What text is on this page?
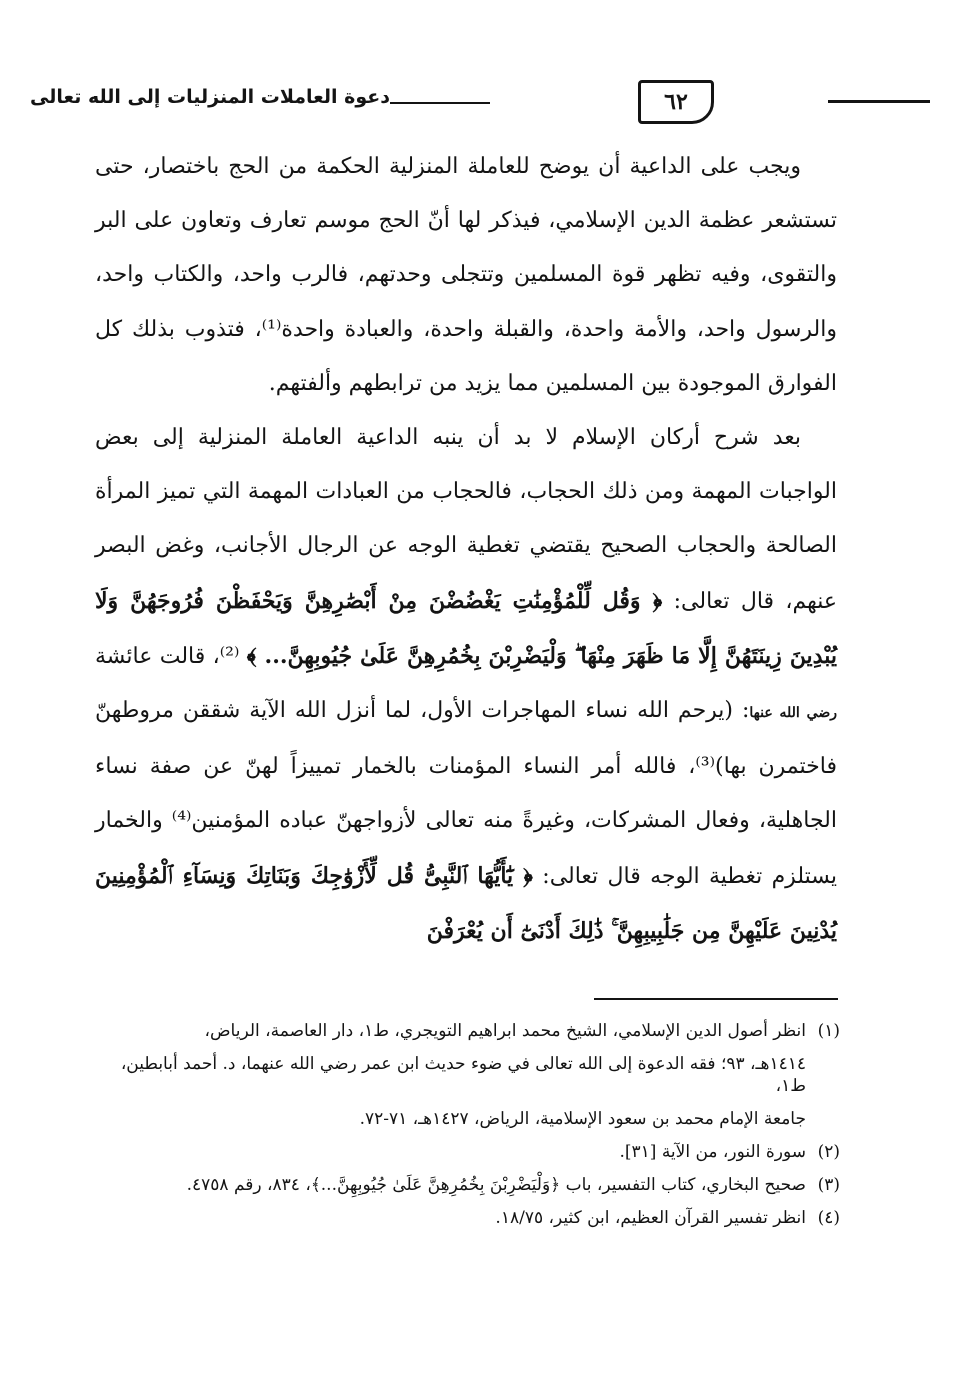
دعوة العاملات المنزليات إلى الله تعالى	٦٢

ويجب على الداعية أن يوضح للعاملة المنزلية الحكمة من الحج باختصار، حتى تستشعر عظمة الدين الإسلامي، فيذكر لها أنّ الحج موسم تعارف وتعاون على البر والتقوى، وفيه تظهر قوة المسلمين وتتجلى وحدتهم، فالرب واحد، والكتاب واحد، والرسول واحد، والأمة واحدة، والقبلة واحدة، والعبادة واحدة⁽¹⁾، فتذوب بذلك كل الفوارق الموجودة بين المسلمين مما يزيد من ترابطهم وألفتهم.

بعد شرح أركان الإسلام لا بد أن ينبه الداعية العاملة المنزلية إلى بعض الواجبات المهمة ومن ذلك الحجاب، فالحجاب من العبادات المهمة التي تميز المرأة الصالحة والحجاب الصحيح يقتضي تغطية الوجه عن الرجال الأجانب، وغض البصر عنهم، قال تعالى: ﴿ وَقُل لِّلْمُؤْمِنَٰتِ يَغْضُضْنَ مِنْ أَبْصَٰرِهِنَّ وَيَحْفَظْنَ فُرُوجَهُنَّ وَلَا يُبْدِينَ زِينَتَهُنَّ إِلَّا مَا ظَهَرَ مِنْهَا ۖ وَلْيَضْرِبْنَ بِخُمُرِهِنَّ عَلَىٰ جُيُوبِهِنَّ... ﴾ ⁽²⁾، قالت عائشة رضي الله عنها: (يرحم الله نساء المهاجرات الأول، لما أنزل الله الآية شققن مروطهنّ فاختمرن بها)⁽³⁾، فالله أمر النساء المؤمنات بالخمار تمييزاً لهنّ عن صفة نساء الجاهلية، وفعال المشركات، وغيرةً منه تعالى لأزواجهنّ عباده المؤمنين⁽⁴⁾ والخمار يستلزم تغطية الوجه قال تعالى: ﴿ يَٰٓأَيُّهَا ٱلنَّبِىُّ قُل لِّأَزْوَٰجِكَ وَبَنَاتِكَ وَنِسَآءِ ٱلْمُؤْمِنِينَ يُدْنِينَ عَلَيْهِنَّ مِن جَلَٰبِيبِهِنَّ ۚ ذَٰلِكَ أَدْنَىٰٓ أَن يُعْرَفْنَ

(١)انظر أصول الدين الإسلامي، الشيخ محمد ابراهيم التويجري، ط١، دار العاصمة، الرياض،

١٤١٤هـ، ٩٣؛ فقه الدعوة إلى الله تعالى في ضوء حديث ابن عمر رضي الله عنهما، د. أحمد أبابطين، ط١،

جامعة الإمام محمد بن سعود الإسلامية، الرياض، ١٤٢٧هـ، ٧١-٧٢.

(٢)سورة النور، من الآية [٣١].

(٣)صحيح البخاري، كتاب التفسير، باب ﴿وَلْيَضْرِبْنَ بِخُمُرِهِنَّ عَلَىٰ جُيُوبِهِنَّ...﴾، ٨٣٤، رقم ٤٧٥٨.

(٤)انظر تفسير القرآن العظيم، ابن كثير، ١٨/٧٥.
